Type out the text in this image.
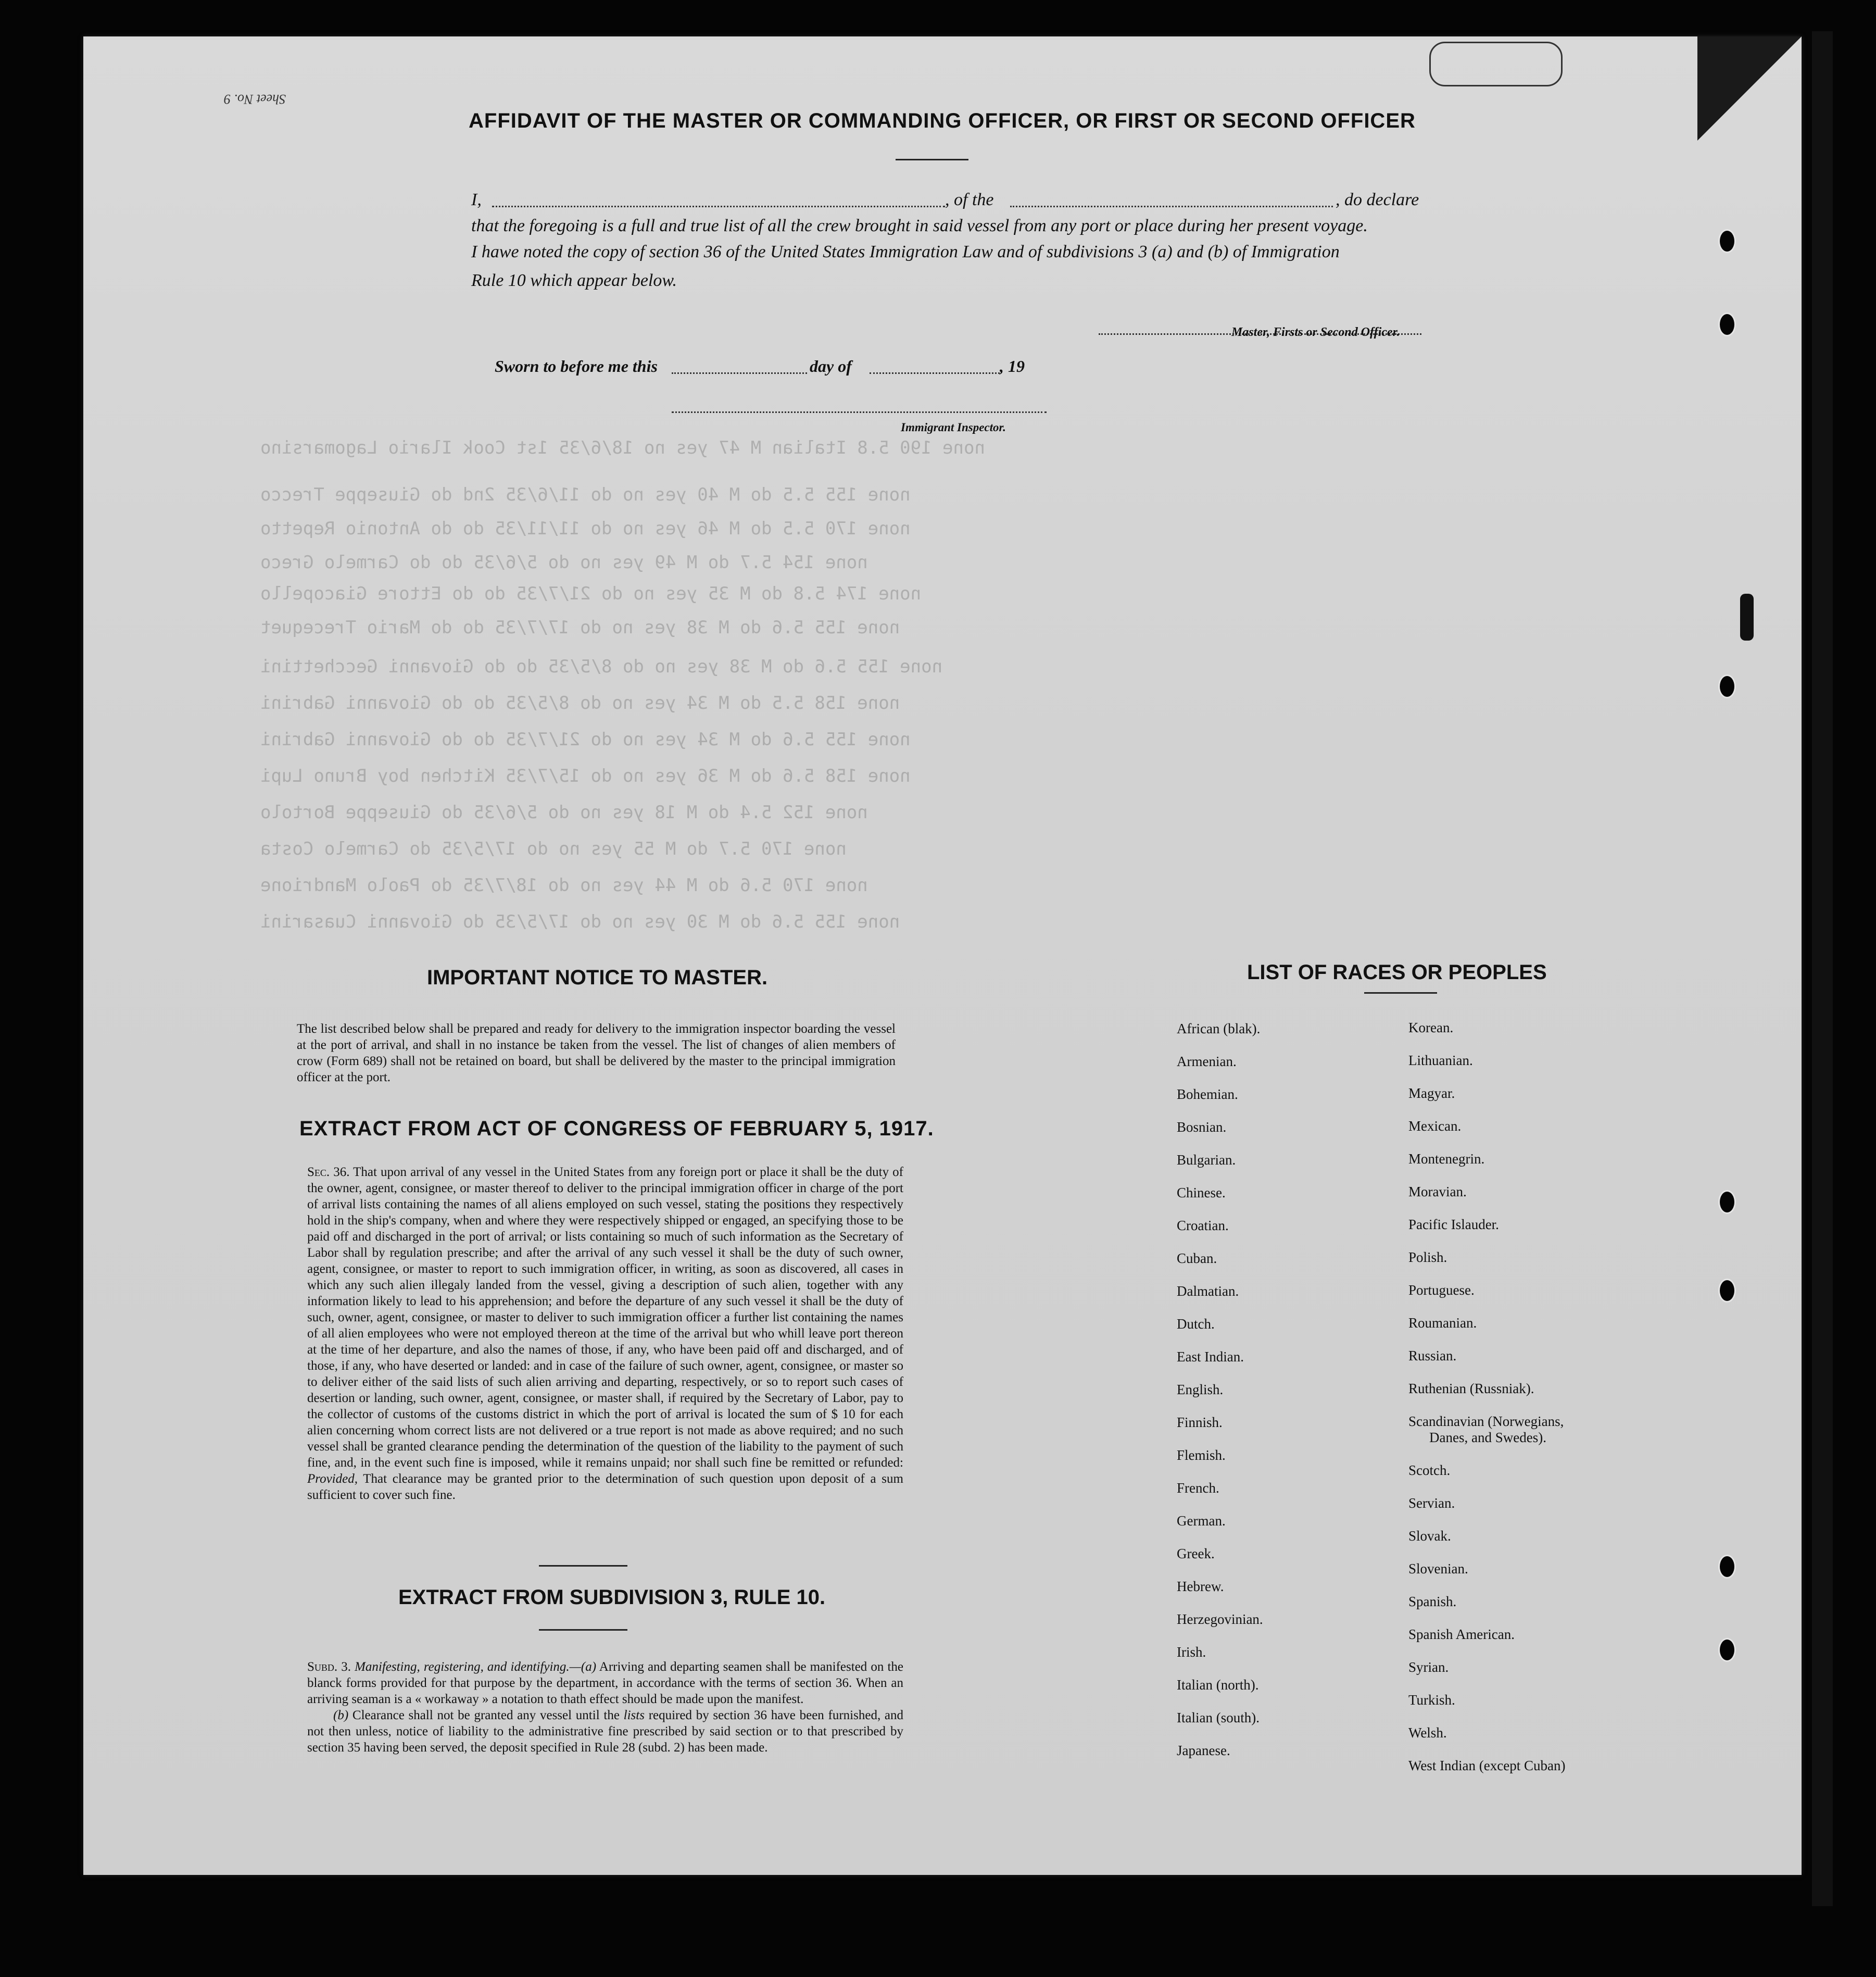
none 190 5.8 Italian M 47 yes no 18/6/35 1st Cook Ilario Lagomarsino
none 155 5.5 do M 40 yes no do 11/6/35 2nd do Giuseppe Trecco
none 170 5.5 do M 46 yes no do 11/11/35 do do Antonio Repetto
none 154 5.7 do M 49 yes no do 5/6/35 do do Carmelo Greco
none 174 5.8 do M 35 yes no do 21/7/35 do do Ettore Giacopello
none 155 5.6 do M 38 yes no do 17/7/35 do do Mario Trecequet
none 155 5.6 do M 38 yes no do 8/5/35 do do Giovanni Gecchettini
none 158 5.5 do M 34 yes no do 8/5/35 do do Giovanni Gabrini
none 155 5.6 do M 34 yes no do 21/7/35 do do Giovanni Gabrini
none 158 5.6 do M 36 yes no do 15/7/35 Kitchen boy Bruno Lupi
none 152 5.4 do M 18 yes no do 5/6/35 do Giuseppe Bortolo
none 170 5.7 do M 55 yes no do 17/5/35 do Carmelo Costa
none 170 5.6 do M 44 yes no do 18/7/35 do Paolo Mandrione
none 155 5.6 do M 30 yes no do 17/5/35 do Giovanni Cuasarini
Sheet No. 9
AFFIDAVIT OF THE MASTER OR COMMANDING OFFICER, OR FIRST OR SECOND OFFICER
I,	, of the	, do declare
that the foregoing is a full and true list of all the crew brought in said vessel from any port or place during her present voyage.
I hawe noted the copy of section 36 of the United States Immigration Law and of subdivisions 3 (a) and (b) of Immigration
Rule 10 which appear below.
Master, Firsts or Second Officer.
Sworn to before me this	day of	, 19
Immigrant Inspector.
IMPORTANT NOTICE TO MASTER.
The list described below shall be prepared and ready for delivery to the immigration inspector boarding the vessel at the port of arrival, and shall in no instance be taken from the vessel. The list of changes of alien members of crow (Form 689) shall not be retained on board, but shall be delivered by the master to the principal immigration officer at the port.
EXTRACT FROM ACT OF CONGRESS OF FEBRUARY 5, 1917.
Sec. 36. That upon arrival of any vessel in the United States from any foreign port or place it shall be the duty of the owner, agent, consignee, or master thereof to deliver to the principal immigration officer in charge of the port of arrival lists containing the names of all aliens employed on such vessel, stating the positions they respectively hold in the ship's company, when and where they were respectively shipped or engaged, an specifying those to be paid off and discharged in the port of arrival; or lists containing so much of such information as the Secretary of Labor shall by regulation prescribe; and after the arrival of any such vessel it shall be the duty of such owner, agent, consignee, or master to report to such immigration officer, in writing, as soon as discovered, all cases in which any such alien illegaly landed from the vessel, giving a description of such alien, together with any information likely to lead to his apprehension; and before the departure of any such vessel it shall be the duty of such, owner, agent, consignee, or master to deliver to such immigration officer a further list containing the names of all alien employees who were not employed thereon at the time of the arrival but who whill leave port thereon at the time of her departure, and also the names of those, if any, who have been paid off and discharged, and of those, if any, who have deserted or landed: and in case of the failure of such owner, agent, consignee, or master so to deliver either of the said lists of such alien arriving and departing, respectively, or so to report such cases of desertion or landing, such owner, agent, consignee, or master shall, if required by the Secretary of Labor, pay to the collector of customs of the customs district in which the port of arrival is located the sum of $ 10 for each alien concerning whom correct lists are not delivered or a true report is not made as above required; and no such vessel shall be granted clearance pending the determination of the question of the liability to the payment of such fine, and, in the event such fine is imposed, while it remains unpaid; nor shall such fine be remitted or refunded: Provided, That clearance may be granted prior to the determination of such question upon deposit of a sum sufficient to cover such fine.
EXTRACT FROM SUBDIVISION 3, RULE 10.
Subd. 3. Manifesting, registering, and identifying.—(a) Arriving and departing seamen shall be manifested on the blanck forms provided for that purpose by the department, in accordance with the terms of section 36. When an arriving seaman is a « workaway » a notation to thath effect should be made upon the manifest.
(b) Clearance shall not be granted any vessel until the lists required by section 36 have been furnished, and not then unless, notice of liability to the administrative fine prescribed by said section or to that prescribed by section 35 having been served, the deposit specified in Rule 28 (subd. 2) has been made.
LIST OF RACES OR PEOPLES
African (blak).
Armenian.
Bohemian.
Bosnian.
Bulgarian.
Chinese.
Croatian.
Cuban.
Dalmatian.
Dutch.
East Indian.
English.
Finnish.
Flemish.
French.
German.
Greek.
Hebrew.
Herzegovinian.
Irish.
Italian (north).
Italian (south).
Japanese.
Korean.
Lithuanian.
Magyar.
Mexican.
Montenegrin.
Moravian.
Pacific Islauder.
Polish.
Portuguese.
Roumanian.
Russian.
Ruthenian (Russniak).
Scandinavian (Norwegians,
Danes, and Swedes).
Scotch.
Servian.
Slovak.
Slovenian.
Spanish.
Spanish American.
Syrian.
Turkish.
Welsh.
West Indian (except Cuban)
